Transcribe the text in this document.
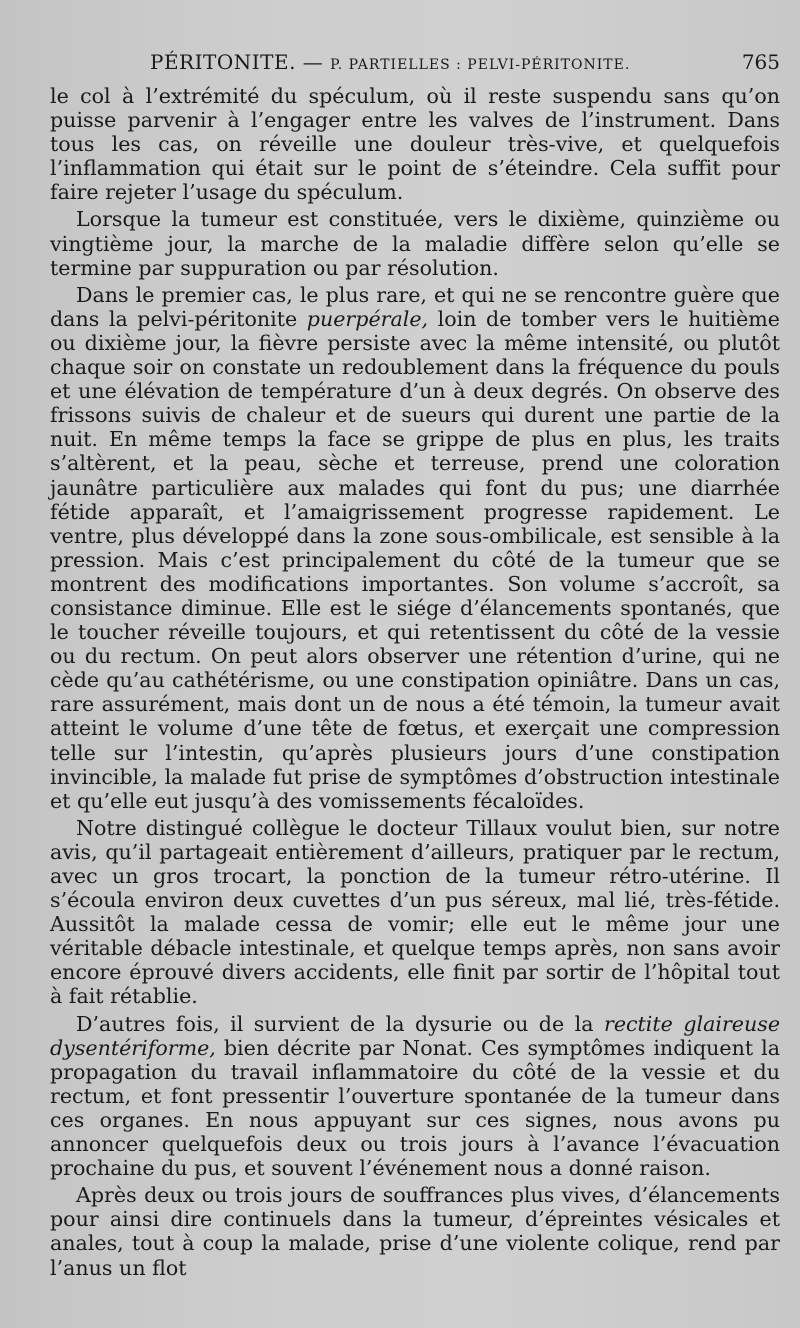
PÉRITONITE. — P. PARTIELLES : PELVI-PÉRITONITE.	765

le col à l’extrémité du spéculum, où il reste suspendu sans qu’on puisse parvenir à l’engager entre les valves de l’instrument. Dans tous les cas, on réveille une douleur très-vive, et quelquefois l’inflammation qui était sur le point de s’éteindre. Cela suffit pour faire rejeter l’usage du spéculum.

Lorsque la tumeur est constituée, vers le dixième, quinzième ou vingtième jour, la marche de la maladie diffère selon qu’elle se termine par suppuration ou par résolution.

Dans le premier cas, le plus rare, et qui ne se rencontre guère que dans la pelvi-péritonite puerpérale, loin de tomber vers le huitième ou dixième jour, la fièvre persiste avec la même intensité, ou plutôt chaque soir on constate un redoublement dans la fréquence du pouls et une élévation de température d’un à deux degrés. On observe des frissons suivis de chaleur et de sueurs qui durent une partie de la nuit. En même temps la face se grippe de plus en plus, les traits s’altèrent, et la peau, sèche et terreuse, prend une coloration jaunâtre particulière aux malades qui font du pus; une diarrhée fétide apparaît, et l’amaigrissement progresse rapidement. Le ventre, plus développé dans la zone sous-ombilicale, est sensible à la pression. Mais c’est principalement du côté de la tumeur que se montrent des modifications importantes. Son volume s’accroît, sa consistance diminue. Elle est le siége d’élancements spontanés, que le toucher réveille toujours, et qui retentissent du côté de la vessie ou du rectum. On peut alors observer une rétention d’urine, qui ne cède qu’au cathétérisme, ou une constipation opiniâtre. Dans un cas, rare assurément, mais dont un de nous a été témoin, la tumeur avait atteint le volume d’une tête de fœtus, et exerçait une compression telle sur l’intestin, qu’après plusieurs jours d’une constipation invincible, la malade fut prise de symptômes d’obstruction intestinale et qu’elle eut jusqu’à des vomissements fécaloïdes.

Notre distingué collègue le docteur Tillaux voulut bien, sur notre avis, qu’il partageait entièrement d’ailleurs, pratiquer par le rectum, avec un gros trocart, la ponction de la tumeur rétro-utérine. Il s’écoula environ deux cuvettes d’un pus séreux, mal lié, très-fétide. Aussitôt la malade cessa de vomir; elle eut le même jour une véritable débacle intestinale, et quelque temps après, non sans avoir encore éprouvé divers accidents, elle finit par sortir de l’hôpital tout à fait rétablie.

D’autres fois, il survient de la dysurie ou de la rectite glaireuse dysentériforme, bien décrite par Nonat. Ces symptômes indiquent la propagation du travail inflammatoire du côté de la vessie et du rectum, et font pressentir l’ouverture spontanée de la tumeur dans ces organes. En nous appuyant sur ces signes, nous avons pu annoncer quelquefois deux ou trois jours à l’avance l’évacuation prochaine du pus, et souvent l’événement nous a donné raison.

Après deux ou trois jours de souffrances plus vives, d’élancements pour ainsi dire continuels dans la tumeur, d’épreintes vésicales et anales, tout à coup la malade, prise d’une violente colique, rend par l’anus un flot
